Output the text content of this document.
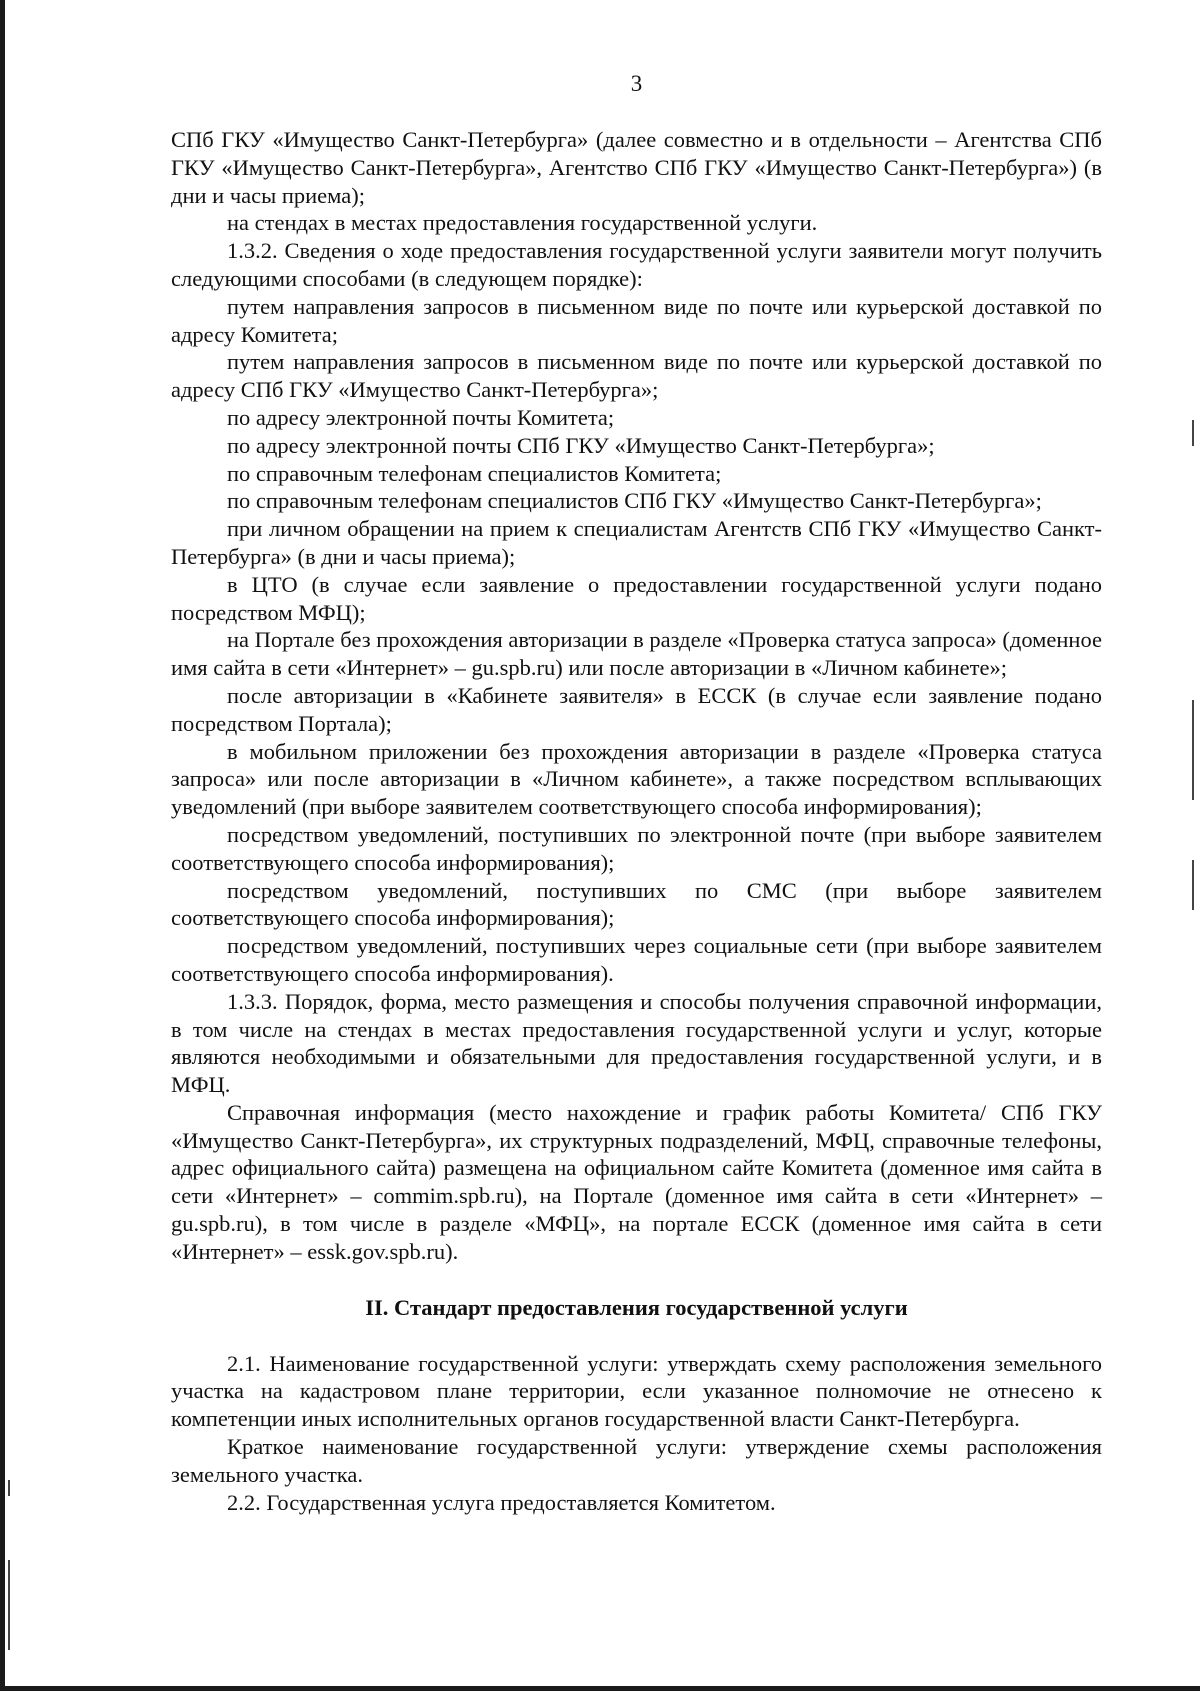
3

СПб ГКУ «Имущество Санкт-Петербурга» (далее совместно и в отдельности – Агентства СПб ГКУ «Имущество Санкт-Петербурга», Агентство СПб ГКУ «Имущество Санкт-Петербурга») (в дни и часы приема);

на стендах в местах предоставления государственной услуги.

1.3.2. Сведения о ходе предоставления государственной услуги заявители могут получить следующими способами (в следующем порядке):

путем направления запросов в письменном виде по почте или курьерской доставкой по адресу Комитета;

путем направления запросов в письменном виде по почте или курьерской доставкой по адресу СПб ГКУ «Имущество Санкт-Петербурга»;

по адресу электронной почты Комитета;

по адресу электронной почты СПб ГКУ «Имущество Санкт-Петербурга»;

по справочным телефонам специалистов Комитета;

по справочным телефонам специалистов СПб ГКУ «Имущество Санкт-Петербурга»;

при личном обращении на прием к специалистам Агентств СПб ГКУ «Имущество Санкт-Петербурга» (в дни и часы приема);

в ЦТО (в случае если заявление о предоставлении государственной услуги подано посредством МФЦ);

на Портале без прохождения авторизации в разделе «Проверка статуса запроса» (доменное имя сайта в сети «Интернет» – gu.spb.ru) или после авторизации в «Личном кабинете»;

после авторизации в «Кабинете заявителя» в ЕССК (в случае если заявление подано посредством Портала);

в мобильном приложении без прохождения авторизации в разделе «Проверка статуса запроса» или после авторизации в «Личном кабинете», а также посредством всплывающих уведомлений (при выборе заявителем соответствующего способа информирования);

посредством уведомлений, поступивших по электронной почте (при выборе заявителем соответствующего способа информирования);

посредством уведомлений, поступивших по СМС (при выборе заявителем соответствующего способа информирования);

посредством уведомлений, поступивших через социальные сети (при выборе заявителем соответствующего способа информирования).

1.3.3. Порядок, форма, место размещения и способы получения справочной информации, в том числе на стендах в местах предоставления государственной услуги и услуг, которые являются необходимыми и обязательными для предоставления государственной услуги, и в МФЦ.

Справочная информация (место нахождение и график работы Комитета/ СПб ГКУ «Имущество Санкт-Петербурга», их структурных подразделений, МФЦ, справочные телефоны, адрес официального сайта) размещена на официальном сайте Комитета (доменное имя сайта в сети «Интернет» – commim.spb.ru), на Портале (доменное имя сайта в сети «Интернет» – gu.spb.ru), в том числе в разделе «МФЦ», на портале ЕССК (доменное имя сайта в сети «Интернет» – essk.gov.spb.ru).

II. Стандарт предоставления государственной услуги

2.1. Наименование государственной услуги: утверждать схему расположения земельного участка на кадастровом плане территории, если указанное полномочие не отнесено к компетенции иных исполнительных органов государственной власти Санкт-Петербурга.

Краткое наименование государственной услуги: утверждение схемы расположения земельного участка.

2.2. Государственная услуга предоставляется Комитетом.
